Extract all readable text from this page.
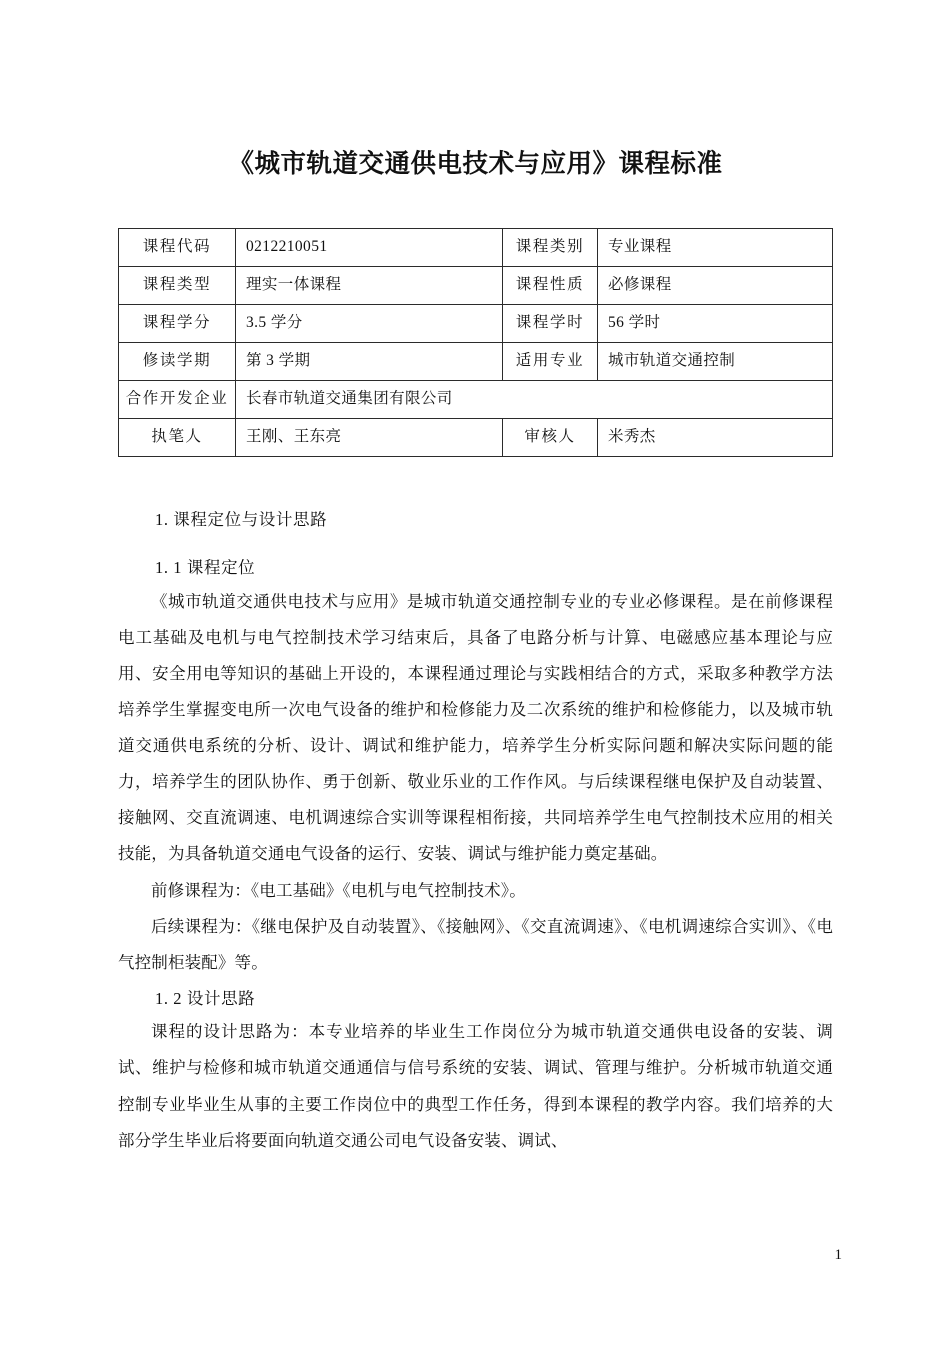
《城市轨道交通供电技术与应用》课程标准
课程代码	0212210051	课程类别	专业课程
课程类型	理实一体课程	课程性质	必修课程
课程学分	3.5 学分	课程学时	56 学时
修读学期	第 3 学期	适用专业	城市轨道交通控制
合作开发企业	长春市轨道交通集团有限公司		
执笔人	王刚、王东亮	审核人	米秀杰
1. 课程定位与设计思路
1. 1 课程定位

《城市轨道交通供电技术与应用》是城市轨道交通控制专业的专业必修课程。是在前修课程电工基础及电机与电气控制技术学习结束后，具备了电路分析与计算、电磁感应基本理论与应用、安全用电等知识的基础上开设的，本课程通过理论与实践相结合的方式，采取多种教学方法培养学生掌握变电所一次电气设备的维护和检修能力及二次系统的维护和检修能力，以及城市轨道交通供电系统的分析、设计、调试和维护能力，培养学生分析实际问题和解决实际问题的能力，培养学生的团队协作、勇于创新、敬业乐业的工作作风。与后续课程继电保护及自动装置、接触网、交直流调速、电机调速综合实训等课程相衔接，共同培养学生电气控制技术应用的相关技能，为具备轨道交通电气设备的运行、安装、调试与维护能力奠定基础。

前修课程为：《电工基础》《电机与电气控制技术》。

后续课程为：《继电保护及自动装置》、《接触网》、《交直流调速》、《电机调速综合实训》、《电气控制柜装配》等。

1. 2 设计思路

课程的设计思路为：本专业培养的毕业生工作岗位分为城市轨道交通供电设备的安装、调试、维护与检修和城市轨道交通通信与信号系统的安装、调试、管理与维护。分析城市轨道交通控制专业毕业生从事的主要工作岗位中的典型工作任务，得到本课程的教学内容。我们培养的大部分学生毕业后将要面向轨道交通公司电气设备安装、调试、

1
